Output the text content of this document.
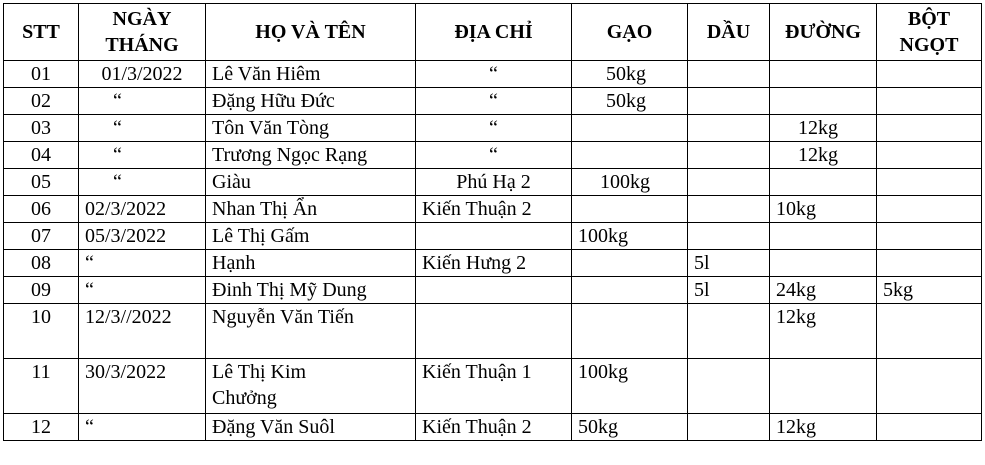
STT	NGÀY THÁNG	HỌ VÀ TÊN	ĐỊA CHỈ	GẠO	DẦU	ĐƯỜNG	BỘT NGỌT
01	01/3/2022	Lê Văn Hiêm	“	50kg			
02	“	Đặng Hữu Đức	“	50kg			
03	“	Tôn Văn Tòng	“			12kg	
04	“	Trương Ngọc Rạng	“			12kg	
05	“	Giàu	Phú Hạ 2	100kg			
06	02/3/2022	Nhan Thị Ẩn	Kiến Thuận 2			10kg	
07	05/3/2022	Lê Thị Gấm		100kg			
08	“	Hạnh	Kiến Hưng 2		5l		
09	“	Đinh Thị Mỹ Dung			5l	24kg	5kg
10	12/3//2022	Nguyễn Văn Tiến				12kg	
11	30/3/2022	Lê Thị Kim Chưởng	Kiến Thuận 1	100kg			
12	“	Đặng Văn Suôl	Kiến Thuận 2	50kg		12kg	
